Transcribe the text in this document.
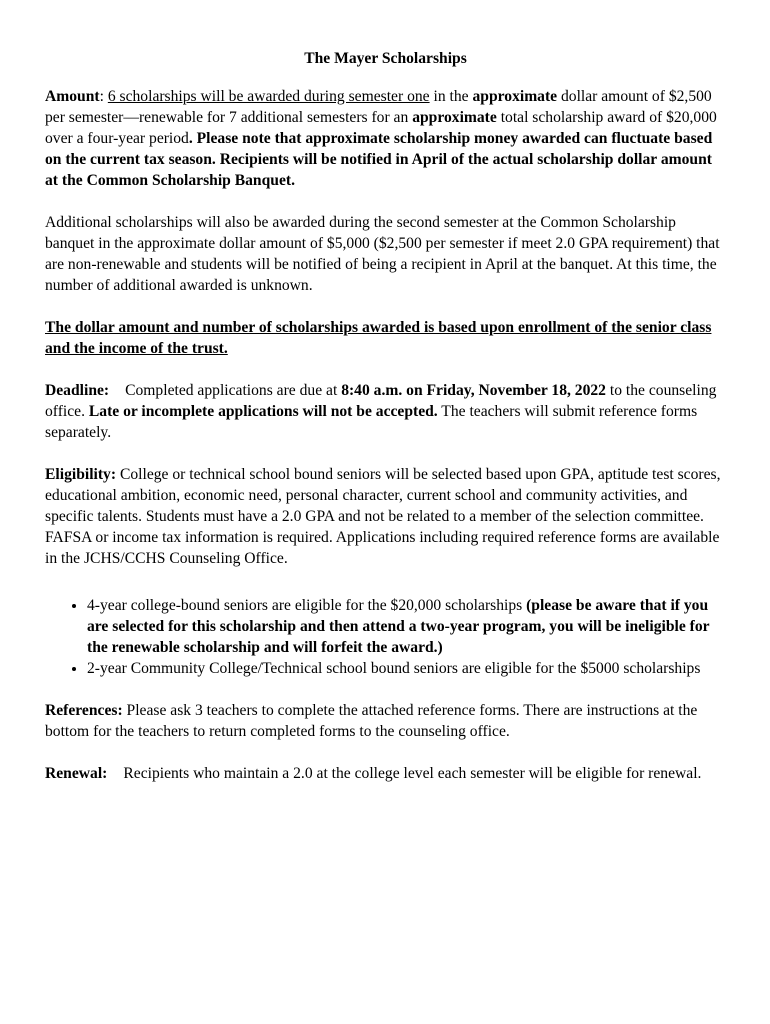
The Mayer Scholarships

Amount: 6 scholarships will be awarded during semester one in the approximate dollar amount of $2,500 per semester—renewable for 7 additional semesters for an approximate total scholarship award of $20,000 over a four-year period. Please note that approximate scholarship money awarded can fluctuate based on the current tax season. Recipients will be notified in April of the actual scholarship dollar amount at the Common Scholarship Banquet.

Additional scholarships will also be awarded during the second semester at the Common Scholarship banquet in the approximate dollar amount of $5,000 ($2,500 per semester if meet 2.0 GPA requirement) that are non-renewable and students will be notified of being a recipient in April at the banquet. At this time, the number of additional awarded is unknown.

The dollar amount and number of scholarships awarded is based upon enrollment of the senior class and the income of the trust.

Deadline: Completed applications are due at 8:40 a.m. on Friday, November 18, 2022 to the counseling office. Late or incomplete applications will not be accepted. The teachers will submit reference forms separately.

Eligibility: College or technical school bound seniors will be selected based upon GPA, aptitude test scores, educational ambition, economic need, personal character, current school and community activities, and specific talents. Students must have a 2.0 GPA and not be related to a member of the selection committee. FAFSA or income tax information is required. Applications including required reference forms are available in the JCHS/CCHS Counseling Office.

• 4-year college-bound seniors are eligible for the $20,000 scholarships (please be aware that if you are selected for this scholarship and then attend a two-year program, you will be ineligible for the renewable scholarship and will forfeit the award.)
• 2-year Community College/Technical school bound seniors are eligible for the $5000 scholarships

References: Please ask 3 teachers to complete the attached reference forms. There are instructions at the bottom for the teachers to return completed forms to the counseling office.

Renewal: Recipients who maintain a 2.0 at the college level each semester will be eligible for renewal.
